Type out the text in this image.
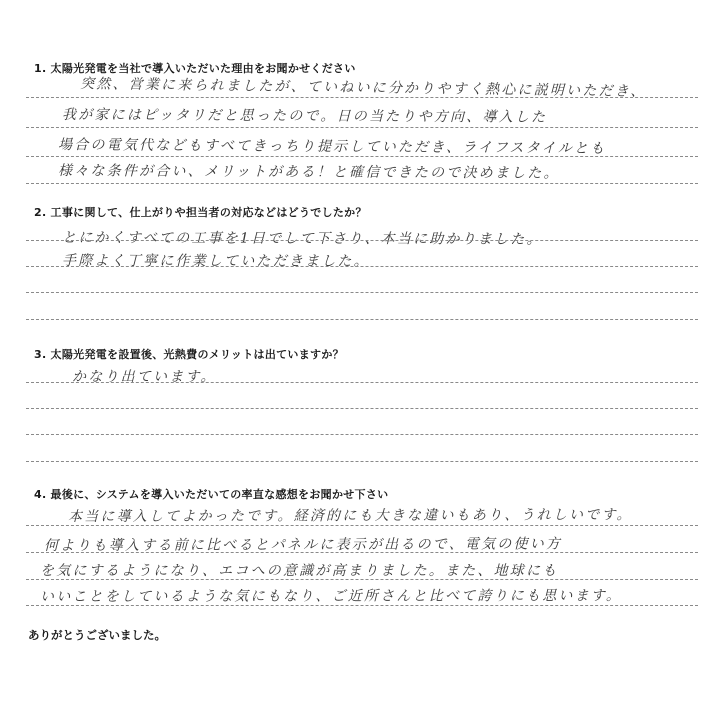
1. 太陽光発電を当社で導入いただいた理由をお聞かせください
突然、営業に来られましたが、ていねいに分かりやすく熱心に説明いただき、
我が家にはピッタリだと思ったので。日の当たりや方向、導入した
場合の電気代などもすべてきっちり提示していただき、ライフスタイルとも
様々な条件が合い、メリットがある！と確信できたので決めました。
2. 工事に関して、仕上がりや担当者の対応などはどうでしたか？
とにかくすべての工事を1日でして下さり、本当に助かりました。
手際よく丁寧に作業していただきました。
3. 太陽光発電を設置後、光熱費のメリットは出ていますか？
かなり出ています。
4. 最後に、システムを導入いただいての率直な感想をお聞かせ下さい
本当に導入してよかったです。経済的にも大きな違いもあり、うれしいです。
何よりも導入する前に比べるとパネルに表示が出るので、電気の使い方
を気にするようになり、エコへの意識が高まりました。また、地球にも
いいことをしているような気にもなり、ご近所さんと比べて誇りにも思います。
ありがとうございました。
